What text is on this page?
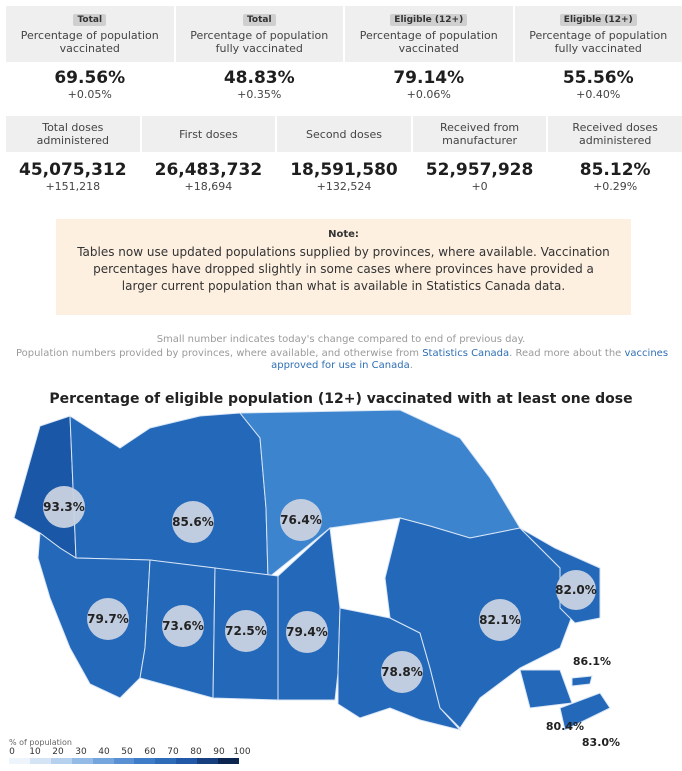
Total
Percentage of population vaccinated
69.56%
+0.05%
Total
Percentage of population fully vaccinated
48.83%
+0.35%
Eligible (12+)
Percentage of population vaccinated
79.14%
+0.06%
Eligible (12+)
Percentage of population fully vaccinated
55.56%
+0.40%
Total doses administered
45,075,312
+151,218
First doses
26,483,732
+18,694
Second doses
18,591,580
+132,524
Received from manufacturer
52,957,928
+0
Received doses administered
85.12%
+0.29%
Note:
Tables now use updated populations supplied by provinces, where available. Vaccination percentages have dropped slightly in some cases where provinces have provided a larger current population than what is available in Statistics Canada data.
Small number indicates today's change compared to end of previous day.
Population numbers provided by provinces, where available, and otherwise from Statistics Canada. Read more about the vaccines approved for use in Canada.
Percentage of eligible population (12+) vaccinated with at least one dose
93.3%
85.6%	76.4%
79.7%	73.6% 72.5% 79.4%
78.8%
82.1%
82.0%
86.1%
80.4%
83.0%
% of population
0 10 20 30 40 50 60 70 80 90 100
